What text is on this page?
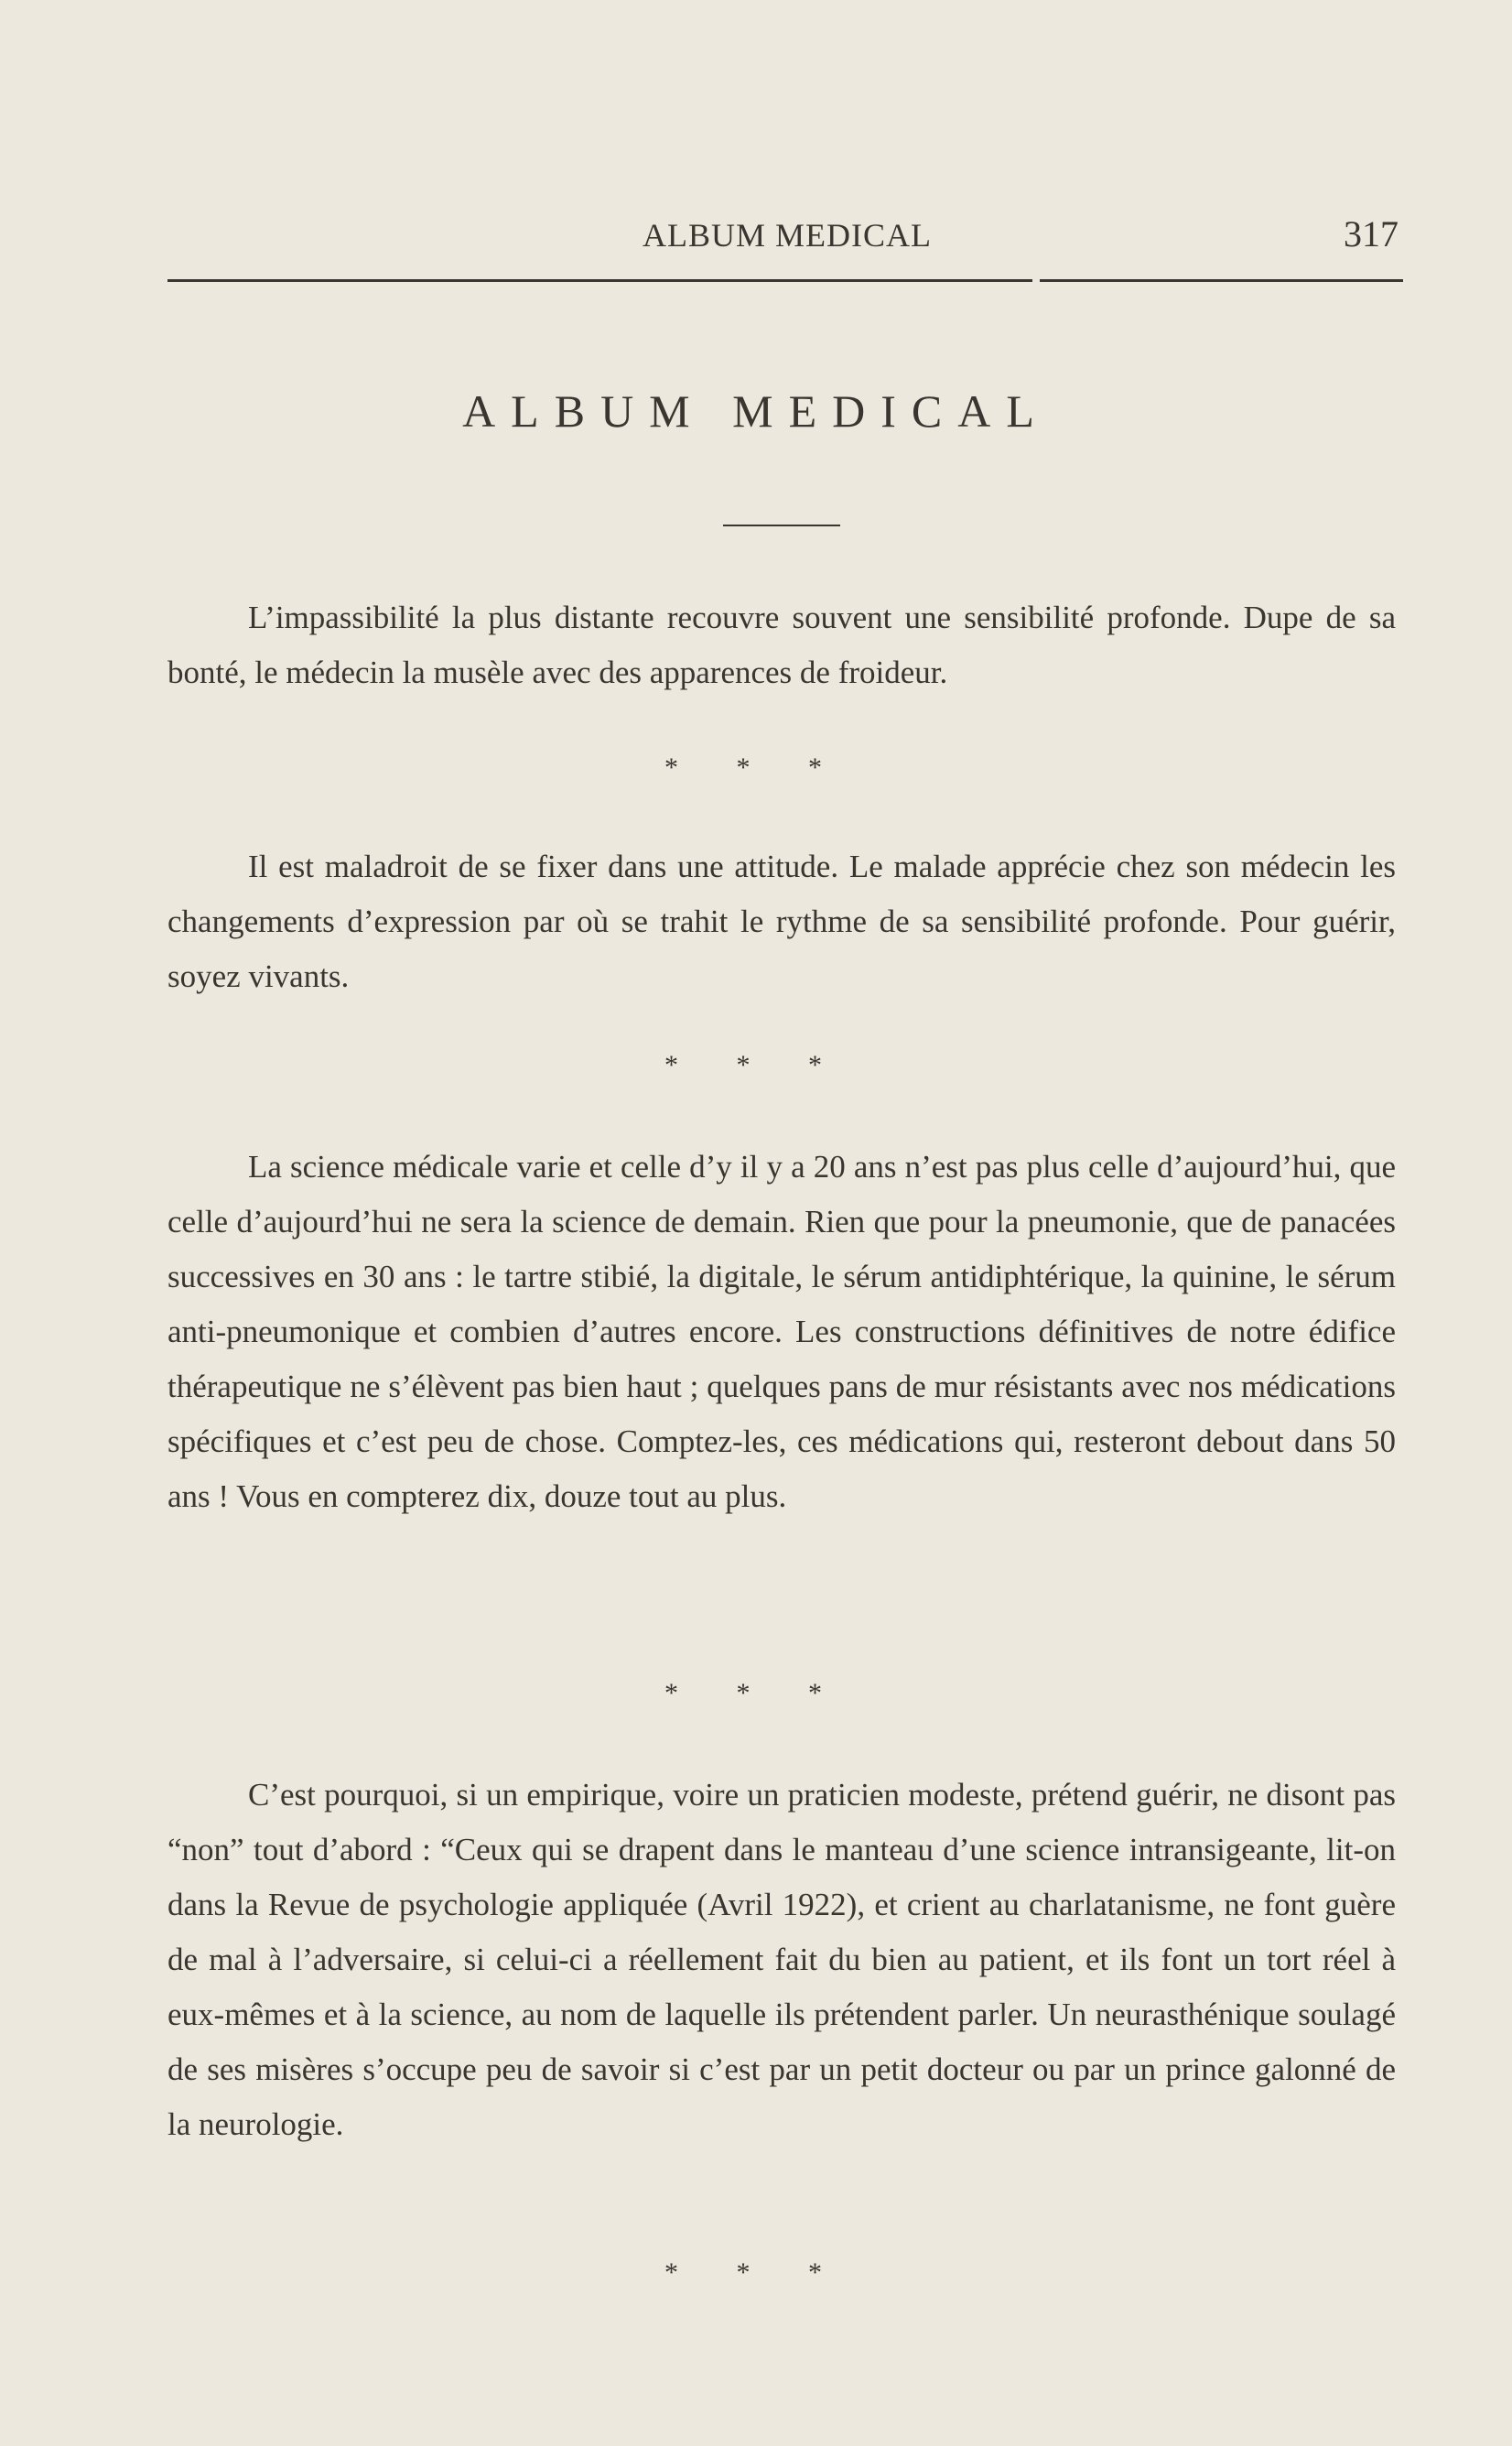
ALBUM MEDICAL	317
ALBUM MEDICAL

L’impassibilité la plus distante recouvre souvent une sensibilité profonde. Dupe de sa bonté, le médecin la musèle avec des apparences de froideur.

* * *

Il est maladroit de se fixer dans une attitude. Le malade apprécie chez son médecin les changements d’expression par où se trahit le rythme de sa sensibilité profonde. Pour guérir, soyez vivants.

* * *

La science médicale varie et celle d’y il y a 20 ans n’est pas plus celle d’aujourd’hui, que celle d’aujourd’hui ne sera la science de demain. Rien que pour la pneumonie, que de panacées successives en 30 ans : le tartre stibié, la digitale, le sérum antidiphtérique, la quinine, le sérum anti-pneumonique et combien d’autres encore. Les constructions définitives de notre édifice thérapeutique ne s’élèvent pas bien haut ; quelques pans de mur résistants avec nos médications spécifiques et c’est peu de chose. Comptez-les, ces médications qui, resteront debout dans 50 ans ! Vous en compterez dix, douze tout au plus.

* * *

C’est pourquoi, si un empirique, voire un praticien modeste, prétend guérir, ne disont pas “non” tout d’abord : “Ceux qui se drapent dans le manteau d’une science intransigeante, lit-on dans la Revue de psychologie appliquée (Avril 1922), et crient au charlatanisme, ne font guère de mal à l’adversaire, si celui-ci a réellement fait du bien au patient, et ils font un tort réel à eux-mêmes et à la science, au nom de laquelle ils prétendent parler. Un neurasthénique soulagé de ses misères s’occupe peu de savoir si c’est par un petit docteur ou par un prince galonné de la neurologie.

* * *
